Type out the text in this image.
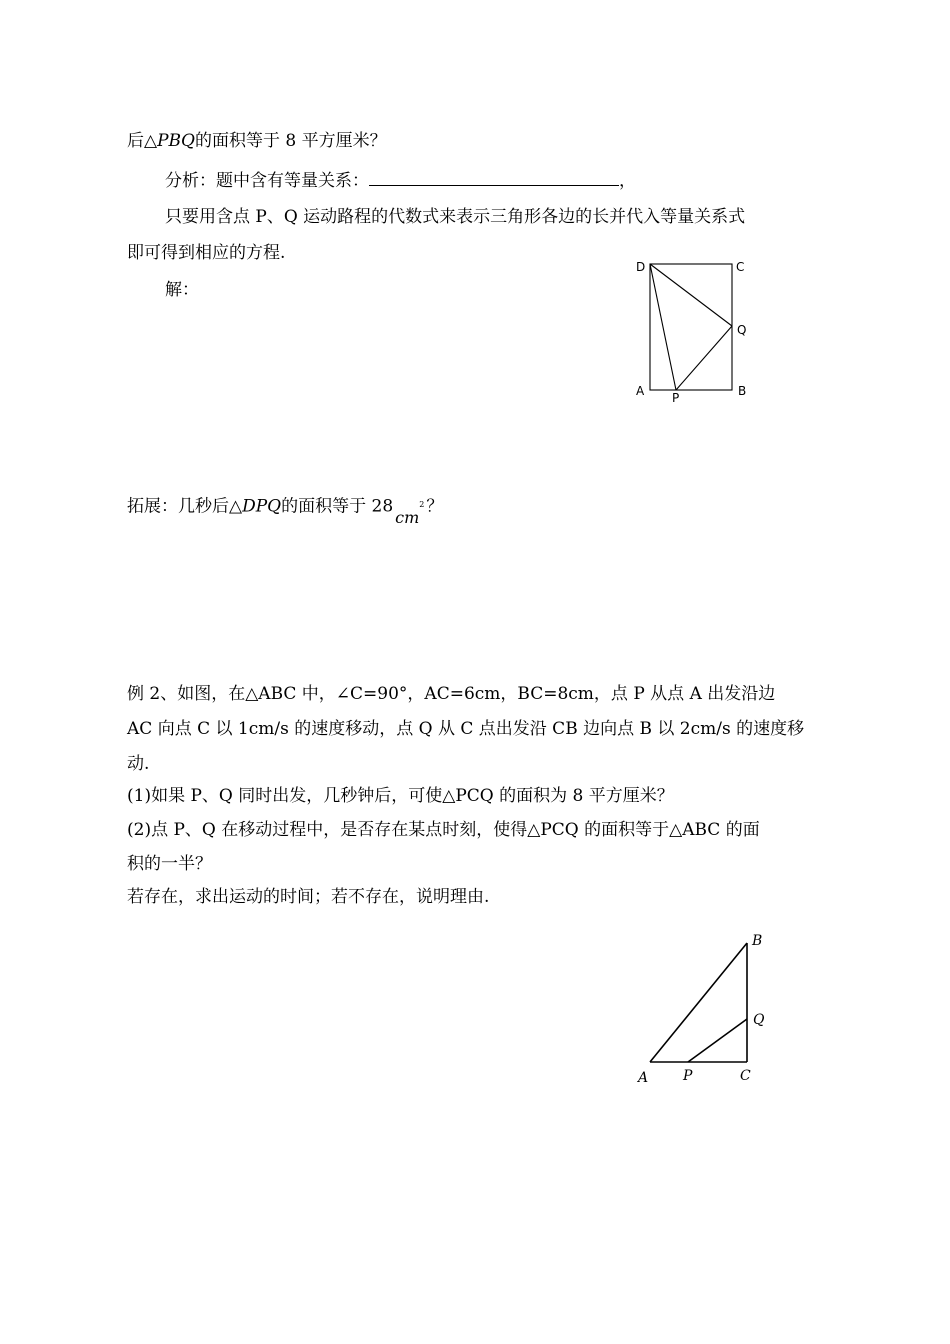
后△PBQ的面积等于 8 平方厘米？
分析：题中含有等量关系：	，
只要用含点 P、Q 运动路程的代数式来表示三角形各边的长并代入等量关系式
即可得到相应的方程.
解：
D	C
Q
A P	B
拓展：几秒后△DPQ的面积等于 $28cm^2$ ？
例 2、如图，在△ABC 中，∠C=90°，AC=6cm，BC=8cm，点 P 从点 A 出发沿边
AC 向点 C 以 1cm/s 的速度移动，点 Q 从 C 点出发沿 CB 边向点 B 以 2cm/s 的速度移
动.
(1)如果 P、Q 同时出发，几秒钟后，可使△PCQ 的面积为 8 平方厘米？
(2)点 P、Q 在移动过程中，是否存在某点时刻，使得△PCQ 的面积等于△ABC 的面
积的一半？
若存在，求出运动的时间；若不存在，说明理由.
B
Q
A P	C
